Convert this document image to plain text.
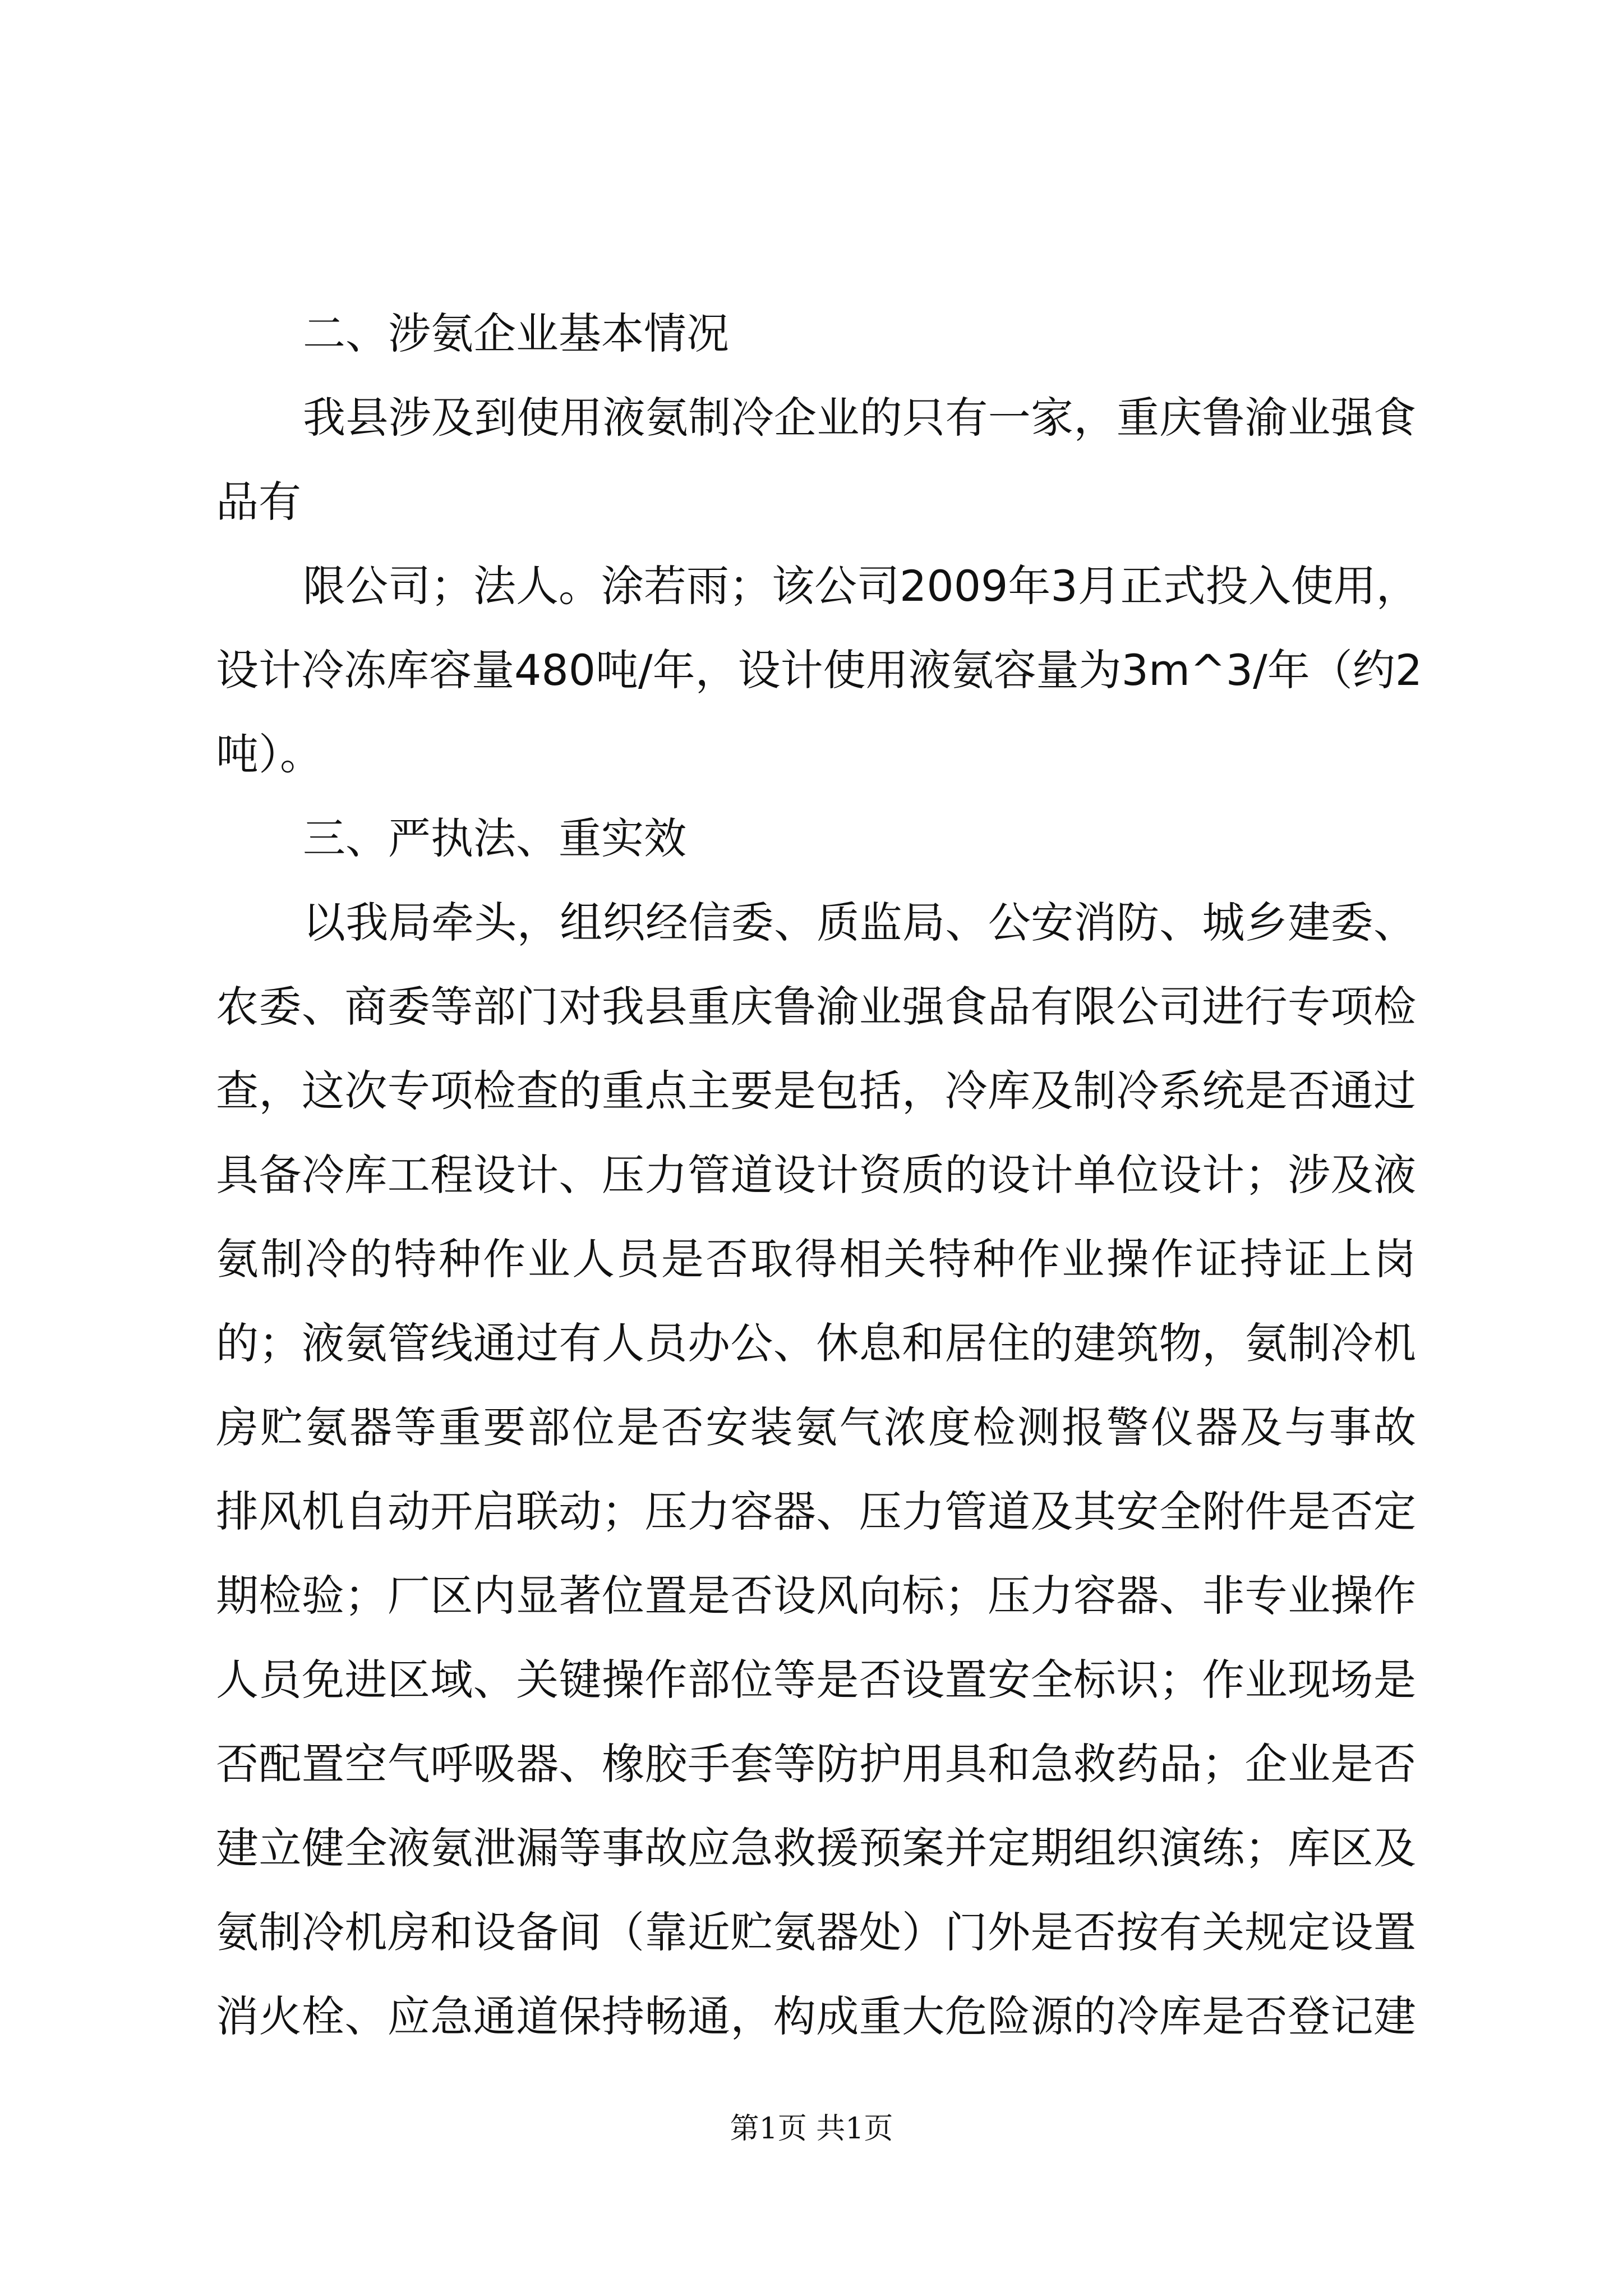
二、涉氨企业基本情况
我县涉及到使用液氨制冷企业的只有一家，重庆鲁渝业强食
品有
限公司；法人。涂若雨；该公司2009年3月正式投入使用，
设计冷冻库容量480吨/年，设计使用液氨容量为3m^3/年（约2
吨）。
三、严执法、重实效
以我局牵头，组织经信委、质监局、公安消防、城乡建委、
农委、商委等部门对我县重庆鲁渝业强食品有限公司进行专项检
查，这次专项检查的重点主要是包括，冷库及制冷系统是否通过
具备冷库工程设计、压力管道设计资质的设计单位设计；涉及液
氨制冷的特种作业人员是否取得相关特种作业操作证持证上岗
的；液氨管线通过有人员办公、休息和居住的建筑物，氨制冷机
房贮氨器等重要部位是否安装氨气浓度检测报警仪器及与事故
排风机自动开启联动；压力容器、压力管道及其安全附件是否定
期检验；厂区内显著位置是否设风向标；压力容器、非专业操作
人员免进区域、关键操作部位等是否设置安全标识；作业现场是
否配置空气呼吸器、橡胶手套等防护用具和急救药品；企业是否
建立健全液氨泄漏等事故应急救援预案并定期组织演练；库区及
氨制冷机房和设备间（靠近贮氨器处）门外是否按有关规定设置
消火栓、应急通道保持畅通，构成重大危险源的冷库是否登记建
第1页 共1页
